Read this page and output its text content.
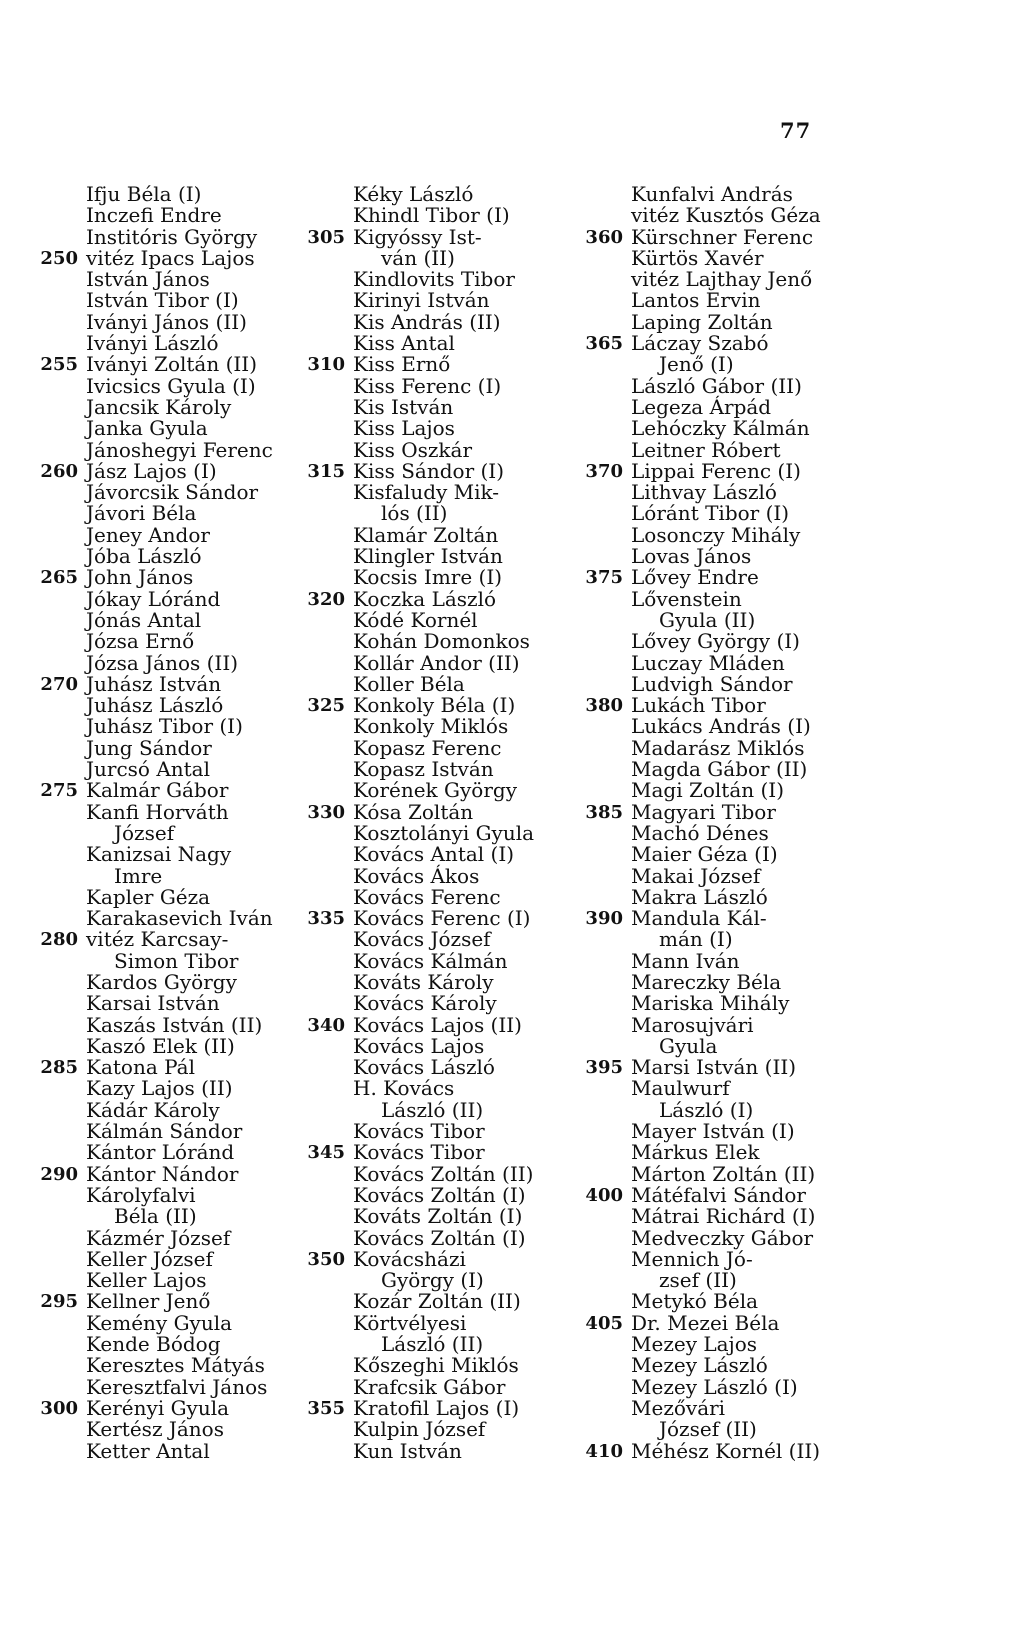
77
Ifju Béla (I)
Inczefi Endre
Institóris György
250 vitéz Ipacs Lajos
István János
István Tibor (I)
Iványi János (II)
Iványi László
255 Iványi Zoltán (II)
Ivicsics Gyula (I)
Jancsik Károly
Janka Gyula
Jánoshegyi Ferenc
260 Jász Lajos (I)
Jávorcsik Sándor
Jávori Béla
Jeney Andor
Jóba László
265 John János
Jókay Lóránd
Jónás Antal
Józsa Ernő
Józsa János (II)
270 Juhász István
Juhász László
Juhász Tibor (I)
Jung Sándor
Jurcsó Antal
275 Kalmár Gábor
Kanfi Horváth
József
Kanizsai Nagy
Imre
Kapler Géza
Karakasevich Iván
280 vitéz Karcsay-
Simon Tibor
Kardos György
Karsai István
Kaszás István (II)
Kaszó Elek (II)
285 Katona Pál
Kazy Lajos (II)
Kádár Károly
Kálmán Sándor
Kántor Lóránd
290 Kántor Nándor
Károlyfalvi
Béla (II)
Kázmér József
Keller József
Keller Lajos
295 Kellner Jenő
Kemény Gyula
Kende Bódog
Keresztes Mátyás
Keresztfalvi János
300 Kerényi Gyula
Kertész János
Ketter Antal
Kéky László
Khindl Tibor (I)
305 Kigyóssy Ist-
ván (II)
Kindlovits Tibor
Kirinyi István
Kis András (II)
Kiss Antal
310 Kiss Ernő
Kiss Ferenc (I)
Kis István
Kiss Lajos
Kiss Oszkár
315 Kiss Sándor (I)
Kisfaludy Mik-
lós (II)
Klamár Zoltán
Klingler István
Kocsis Imre (I)
320 Koczka László
Kódé Kornél
Kohán Domonkos
Kollár Andor (II)
Koller Béla
325 Konkoly Béla (I)
Konkoly Miklós
Kopasz Ferenc
Kopasz István
Korének György
330 Kósa Zoltán
Kosztolányi Gyula
Kovács Antal (I)
Kovács Ákos
Kovács Ferenc
335 Kovács Ferenc (I)
Kovács József
Kovács Kálmán
Kováts Károly
Kovács Károly
340 Kovács Lajos (II)
Kovács Lajos
Kovács László
H. Kovács
László (II)
Kovács Tibor
345 Kovács Tibor
Kovács Zoltán (II)
Kovács Zoltán (I)
Kováts Zoltán (I)
Kovács Zoltán (I)
350 Kovácsházi
György (I)
Kozár Zoltán (II)
Körtvélyesi
László (II)
Kőszeghi Miklós
Krafcsik Gábor
355 Kratofil Lajos (I)
Kulpin József
Kun István
Kunfalvi András
vitéz Kusztós Géza
360 Kürschner Ferenc
Kürtös Xavér
vitéz Lajthay Jenő
Lantos Ervin
Laping Zoltán
365 Láczay Szabó
Jenő (I)
László Gábor (II)
Legeza Árpád
Lehóczky Kálmán
Leitner Róbert
370 Lippai Ferenc (I)
Lithvay László
Lóránt Tibor (I)
Losonczy Mihály
Lovas János
375 Lővey Endre
Lővenstein
Gyula (II)
Lővey György (I)
Luczay Mláden
Ludvigh Sándor
380 Lukách Tibor
Lukács András (I)
Madarász Miklós
Magda Gábor (II)
Magi Zoltán (I)
385 Magyari Tibor
Machó Dénes
Maier Géza (I)
Makai József
Makra László
390 Mandula Kál-
mán (I)
Mann Iván
Mareczky Béla
Mariska Mihály
Marosujvári
Gyula
395 Marsi István (II)
Maulwurf
László (I)
Mayer István (I)
Márkus Elek
Márton Zoltán (II)
400 Mátéfalvi Sándor
Mátrai Richárd (I)
Medveczky Gábor
Mennich Jó-
zsef (II)
Metykó Béla
405 Dr. Mezei Béla
Mezey Lajos
Mezey László
Mezey László (I)
Mezővári
József (II)
410 Méhész Kornél (II)
